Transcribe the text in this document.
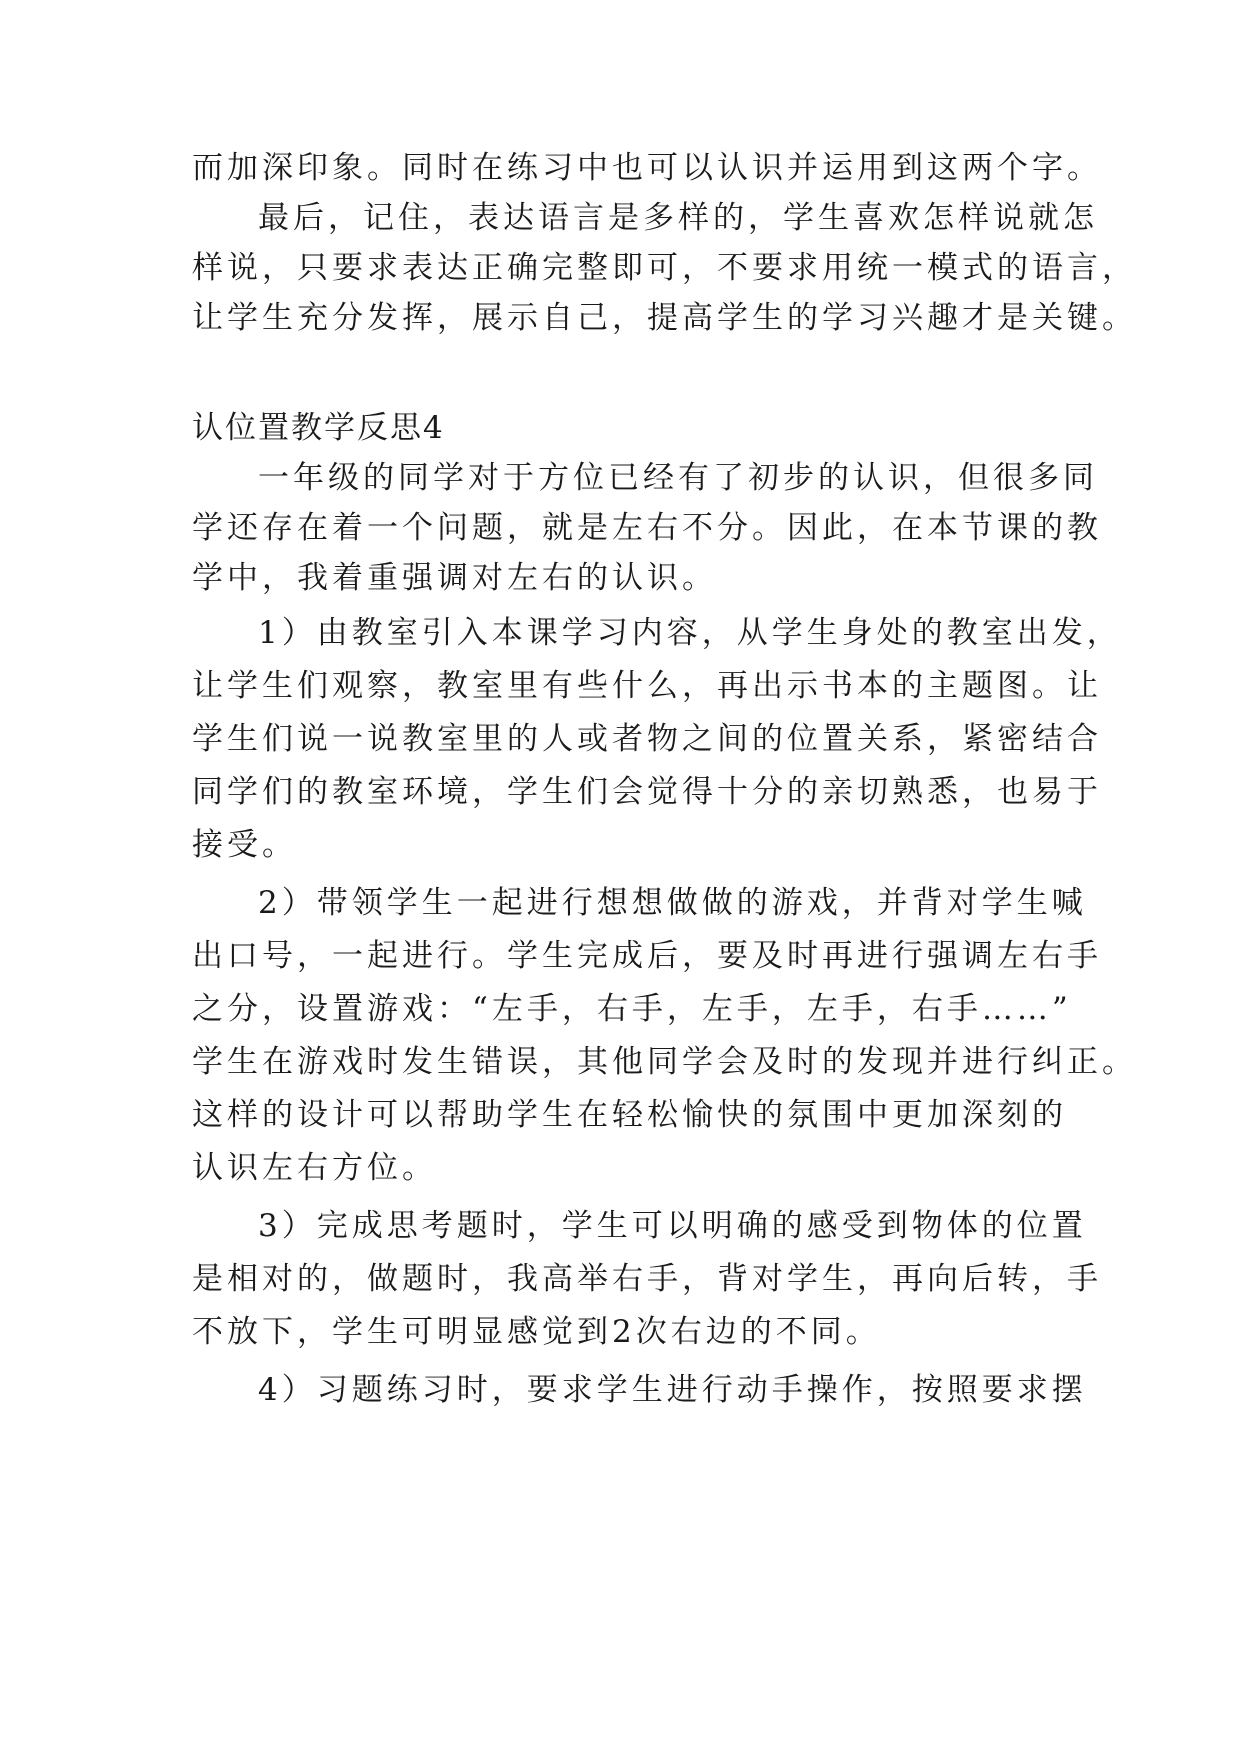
而加深印象。同时在练习中也可以认识并运用到这两个字。
最后，记住，表达语言是多样的，学生喜欢怎样说就怎
样说，只要求表达正确完整即可，不要求用统一模式的语言，
让学生充分发挥，展示自己，提高学生的学习兴趣才是关键。
认位置教学反思4
一年级的同学对于方位已经有了初步的认识，但很多同
学还存在着一个问题，就是左右不分。因此，在本节课的教
学中，我着重强调对左右的认识。
1）由教室引入本课学习内容，从学生身处的教室出发，
让学生们观察，教室里有些什么，再出示书本的主题图。让
学生们说一说教室里的人或者物之间的位置关系，紧密结合
同学们的教室环境，学生们会觉得十分的亲切熟悉，也易于
接受。
2）带领学生一起进行想想做做的游戏，并背对学生喊
出口号，一起进行。学生完成后，要及时再进行强调左右手
之分，设置游戏：“左手，右手，左手，左手，右手……”
学生在游戏时发生错误，其他同学会及时的发现并进行纠正。
这样的设计可以帮助学生在轻松愉快的氛围中更加深刻的
认识左右方位。
3）完成思考题时，学生可以明确的感受到物体的位置
是相对的，做题时，我高举右手，背对学生，再向后转，手
不放下，学生可明显感觉到2次右边的不同。
4）习题练习时，要求学生进行动手操作，按照要求摆
